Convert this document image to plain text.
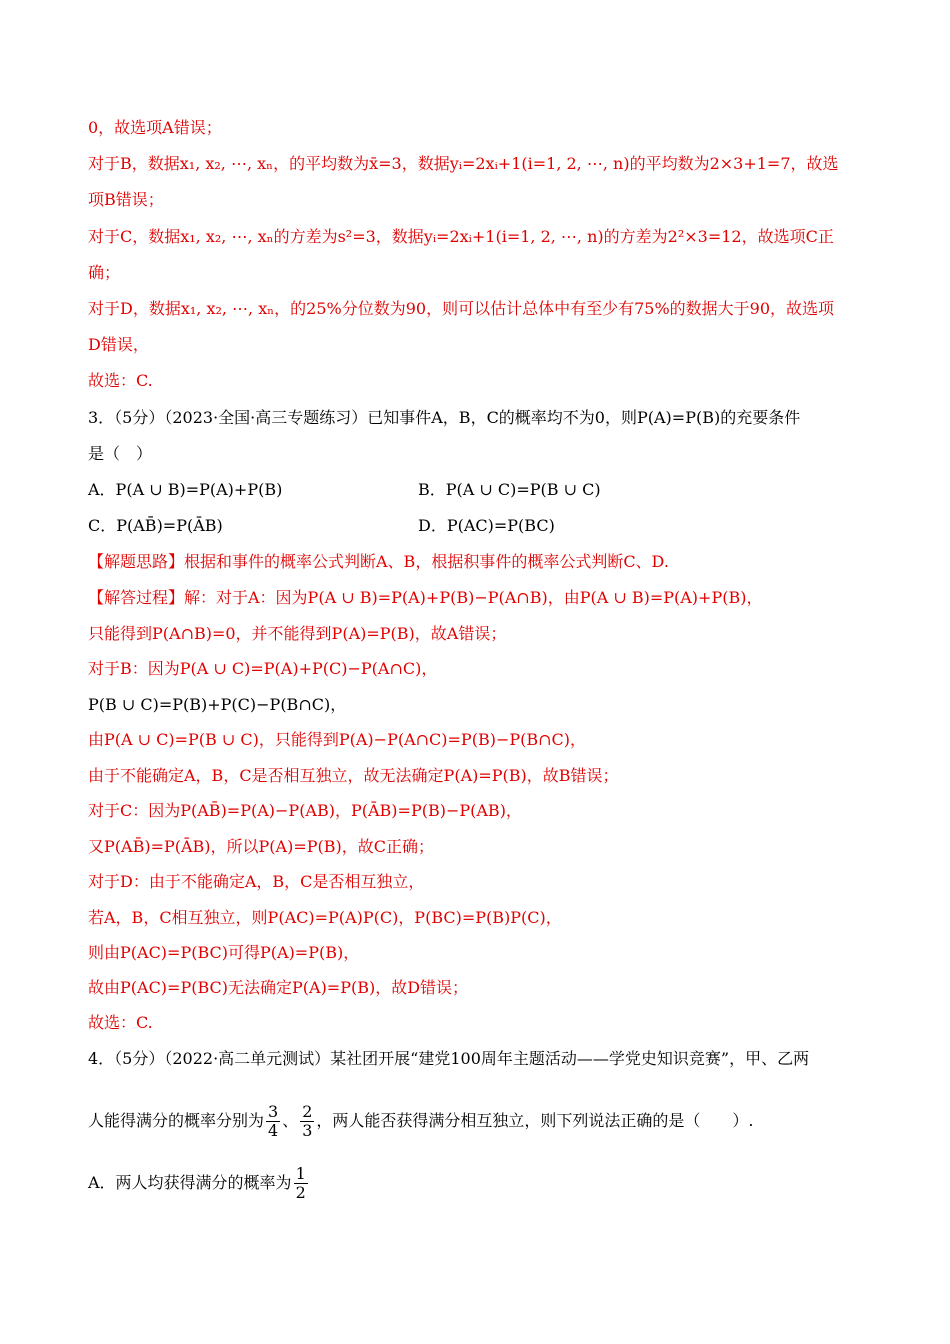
0，故选项A错误；
对于B，数据x₁, x₂, ⋯, xₙ，的平均数为x̄=3，数据yᵢ=2xᵢ+1(i=1, 2, ⋯, n)的平均数为2×3+1=7，故选
项B错误；
对于C，数据x₁, x₂, ⋯, xₙ的方差为s²=3，数据yᵢ=2xᵢ+1(i=1, 2, ⋯, n)的方差为2²×3=12，故选项C正
确；
对于D，数据x₁, x₂, ⋯, xₙ，的25%分位数为90，则可以估计总体中有至少有75%的数据大于90，故选项
D错误，
故选：C.
3．（5分）（2023·全国·高三专题练习）已知事件A，B，C的概率均不为0，则P(A)=P(B)的充要条件
是（　）
A．P(A ∪ B)=P(A)+P(B)	B．P(A ∪ C)=P(B ∪ C)
C．P(AB̄)=P(ĀB)	D．P(AC)=P(BC)
【解题思路】根据和事件的概率公式判断A、B，根据积事件的概率公式判断C、D.
【解答过程】解：对于A：因为P(A ∪ B)=P(A)+P(B)−P(A∩B)，由P(A ∪ B)=P(A)+P(B)，
只能得到P(A∩B)=0，并不能得到P(A)=P(B)，故A错误；
对于B：因为P(A ∪ C)=P(A)+P(C)−P(A∩C)，
P(B ∪ C)=P(B)+P(C)−P(B∩C)，
由P(A ∪ C)=P(B ∪ C)，只能得到P(A)−P(A∩C)=P(B)−P(B∩C)，
由于不能确定A，B，C是否相互独立，故无法确定P(A)=P(B)，故B错误；
对于C：因为P(AB̄)=P(A)−P(AB)，P(ĀB)=P(B)−P(AB)，
又P(AB̄)=P(ĀB)，所以P(A)=P(B)，故C正确；
对于D：由于不能确定A，B，C是否相互独立，
若A，B，C相互独立，则P(AC)=P(A)P(C)，P(BC)=P(B)P(C)，
则由P(AC)=P(BC)可得P(A)=P(B)，
故由P(AC)=P(BC)无法确定P(A)=P(B)，故D错误；
故选：C.
4．（5分）（2022·高二单元测试）某社团开展“建党100周年主题活动——学党史知识竞赛”，甲、乙两
人能得满分的概率分别为 $\frac{3}{4}$ 、 $\frac{2}{3}$ ，两人能否获得满分相互独立，则下列说法正确的是（　　）.
A．两人均获得满分的概率为 $\frac{1}{2}$
